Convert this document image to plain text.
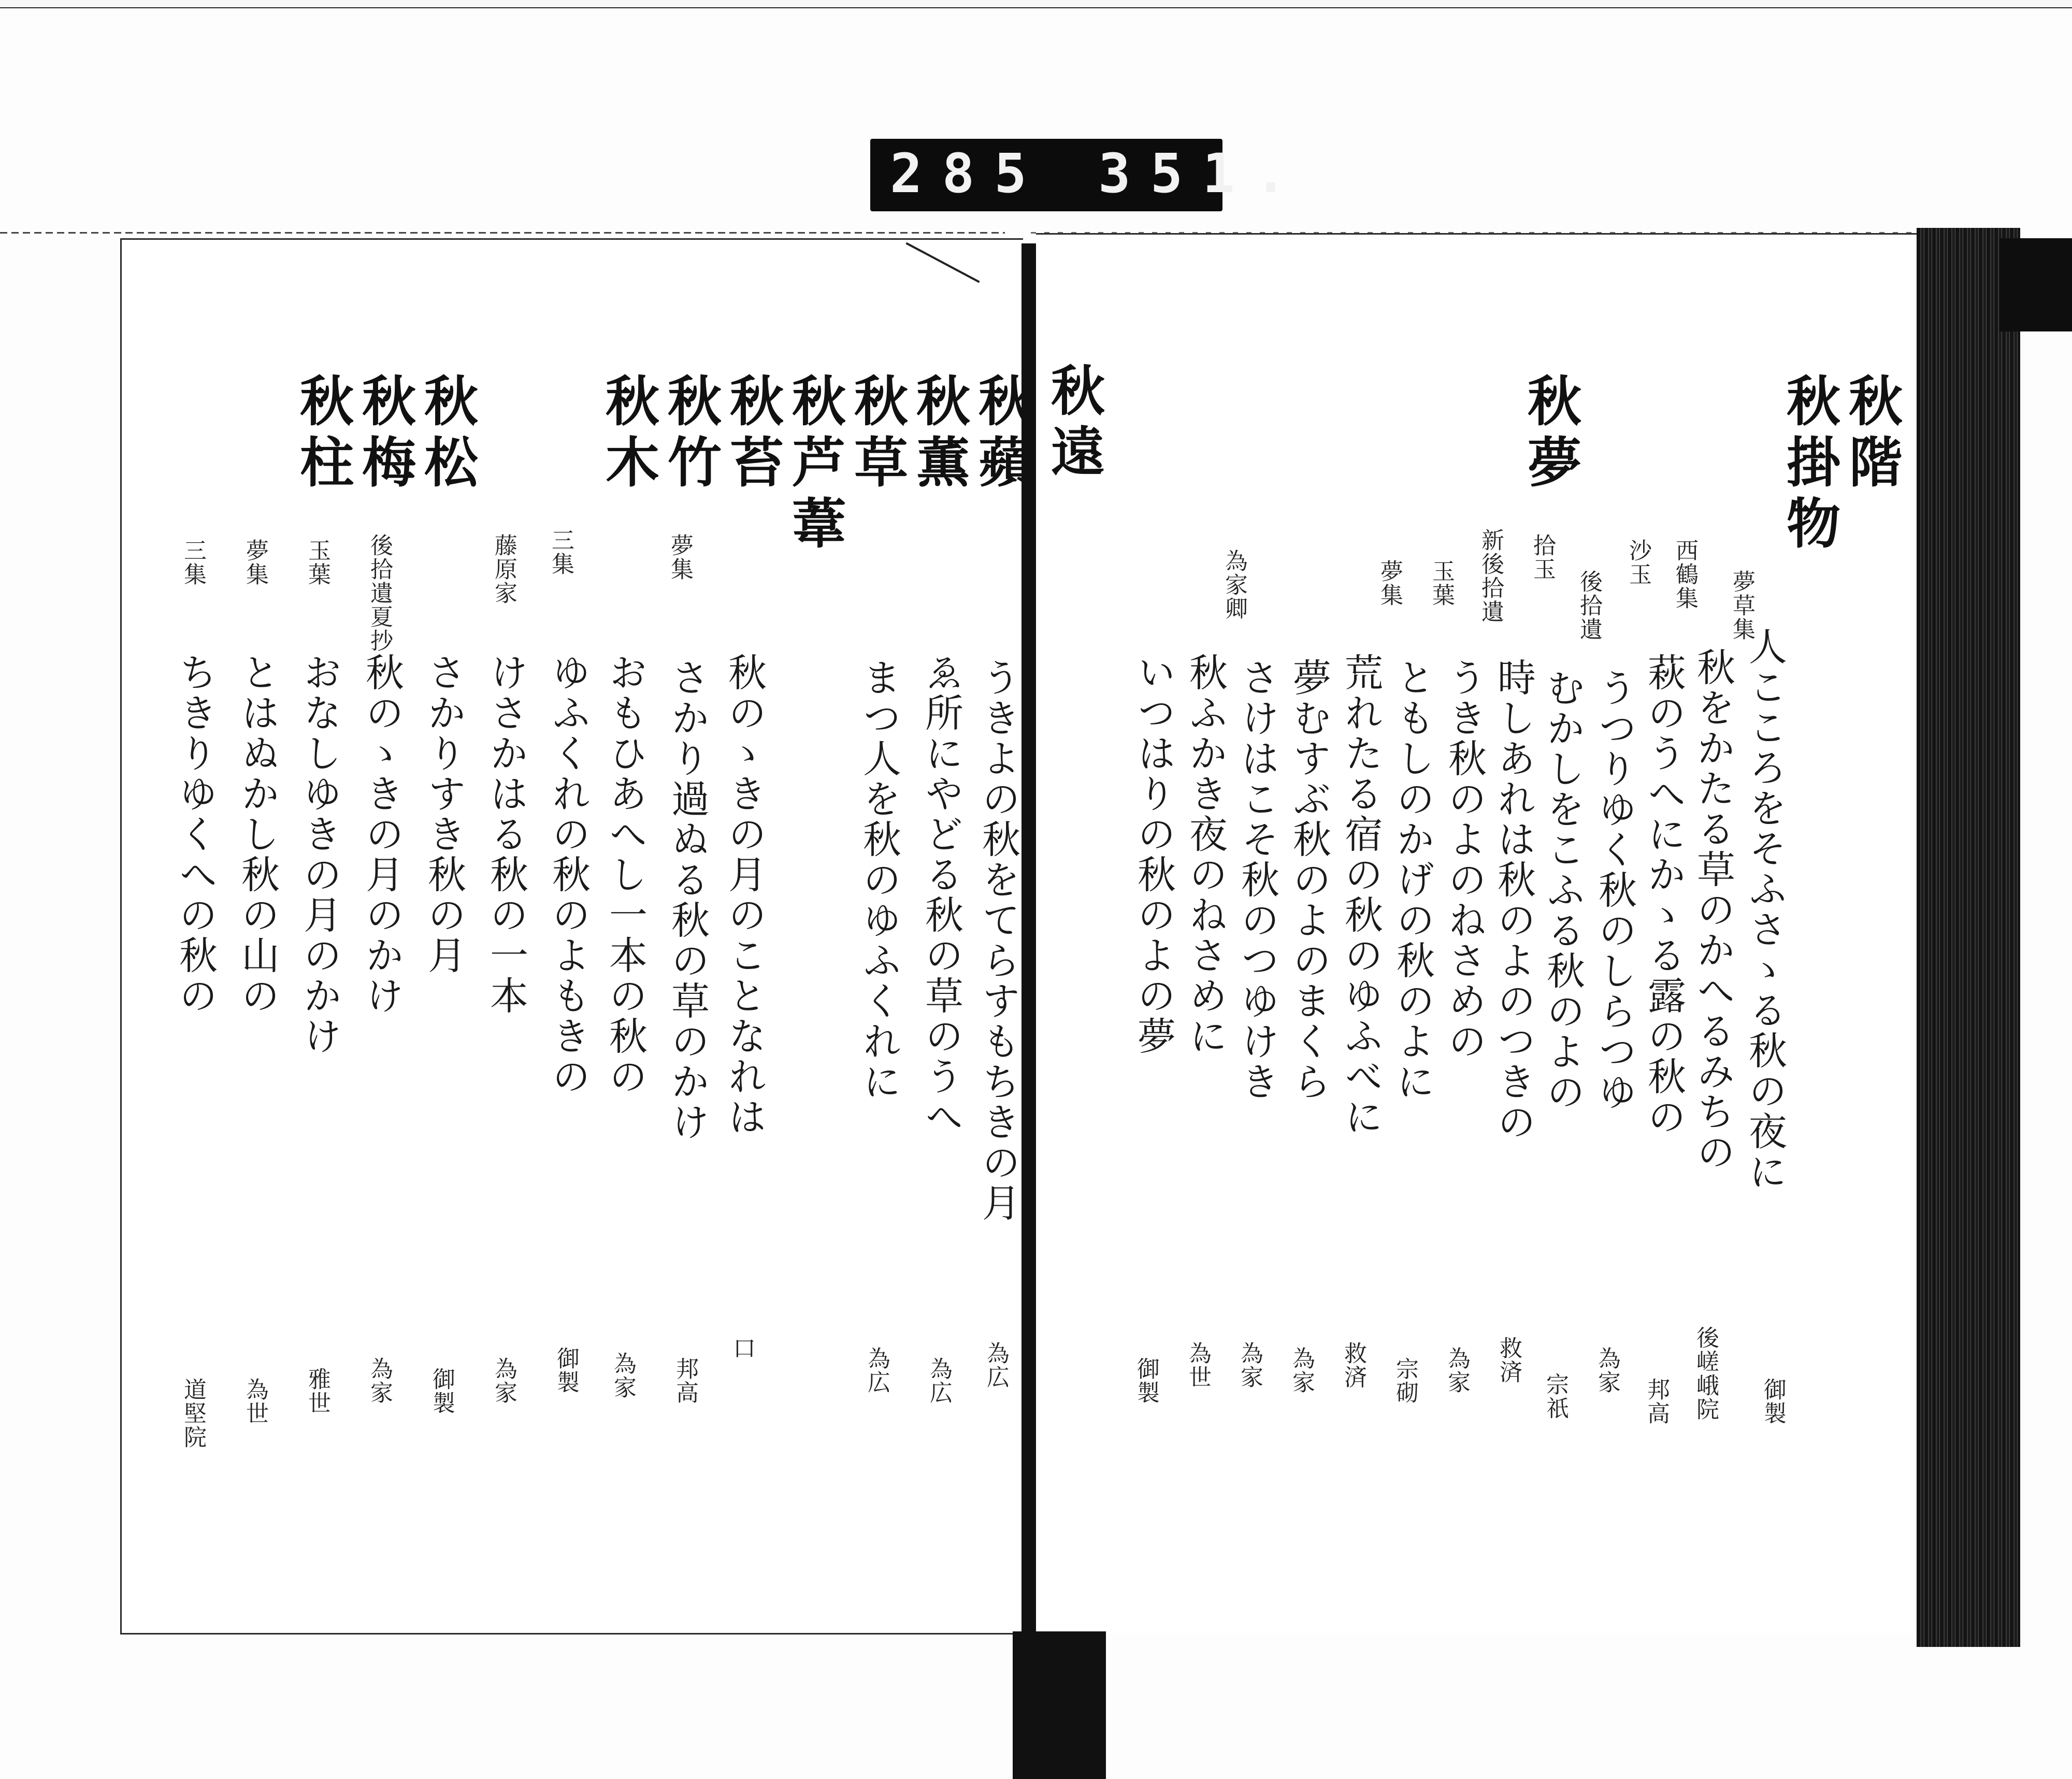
285 351.
秋階
秋掛物
秋夢
夢草集
人こころをそふさゝる秋の夜に
御製
西鶴集
秋をかたる草のかへるみちの
後嵯峨院
沙玉
萩のうへにかゝる露の秋の
邦高
後拾遺
うつりゆく秋のしらつゆ
為家
拾玉
むかしをこふる秋のよの
宗祇
新後拾遺
時しあれは秋のよのつきの
救済
玉葉
うき秋のよのねさめの
為家
夢集
ともしのかげの秋のよに
宗砌
荒れたる宿の秋のゆふべに
救済
夢むすぶ秋のよのまくら
為家
為家卿
さけはこそ秋のつゆけき
為家
秋ふかき夜のねさめに
為世
いつはりの秋のよの夢
御製
秋遠
秋蘋
秋薫
秋草
秋芦葦
秋苔
秋竹
秋木
秋松
秋梅
秋柱
うきよの秋をてらすもちきの月
為広
ゑ所にやどる秋の草のうへ
為広
まつ人を秋のゆふくれに
為広
秋のゝきの月のことなれは
口
夢集
さかり過ぬる秋の草のかけ
邦高
おもひあへし一本の秋の
為家
三集
ゆふくれの秋のよもきの
御製
藤原家
けさかはる秋の一本
為家
さかりすき秋の月
御製
後拾遺夏抄
秋のゝきの月のかけ
為家
玉葉
おなしゆきの月のかけ
雅世
夢集
とはぬかし秋の山の
為世
三集
ちきりゆくへの秋の
道堅院
